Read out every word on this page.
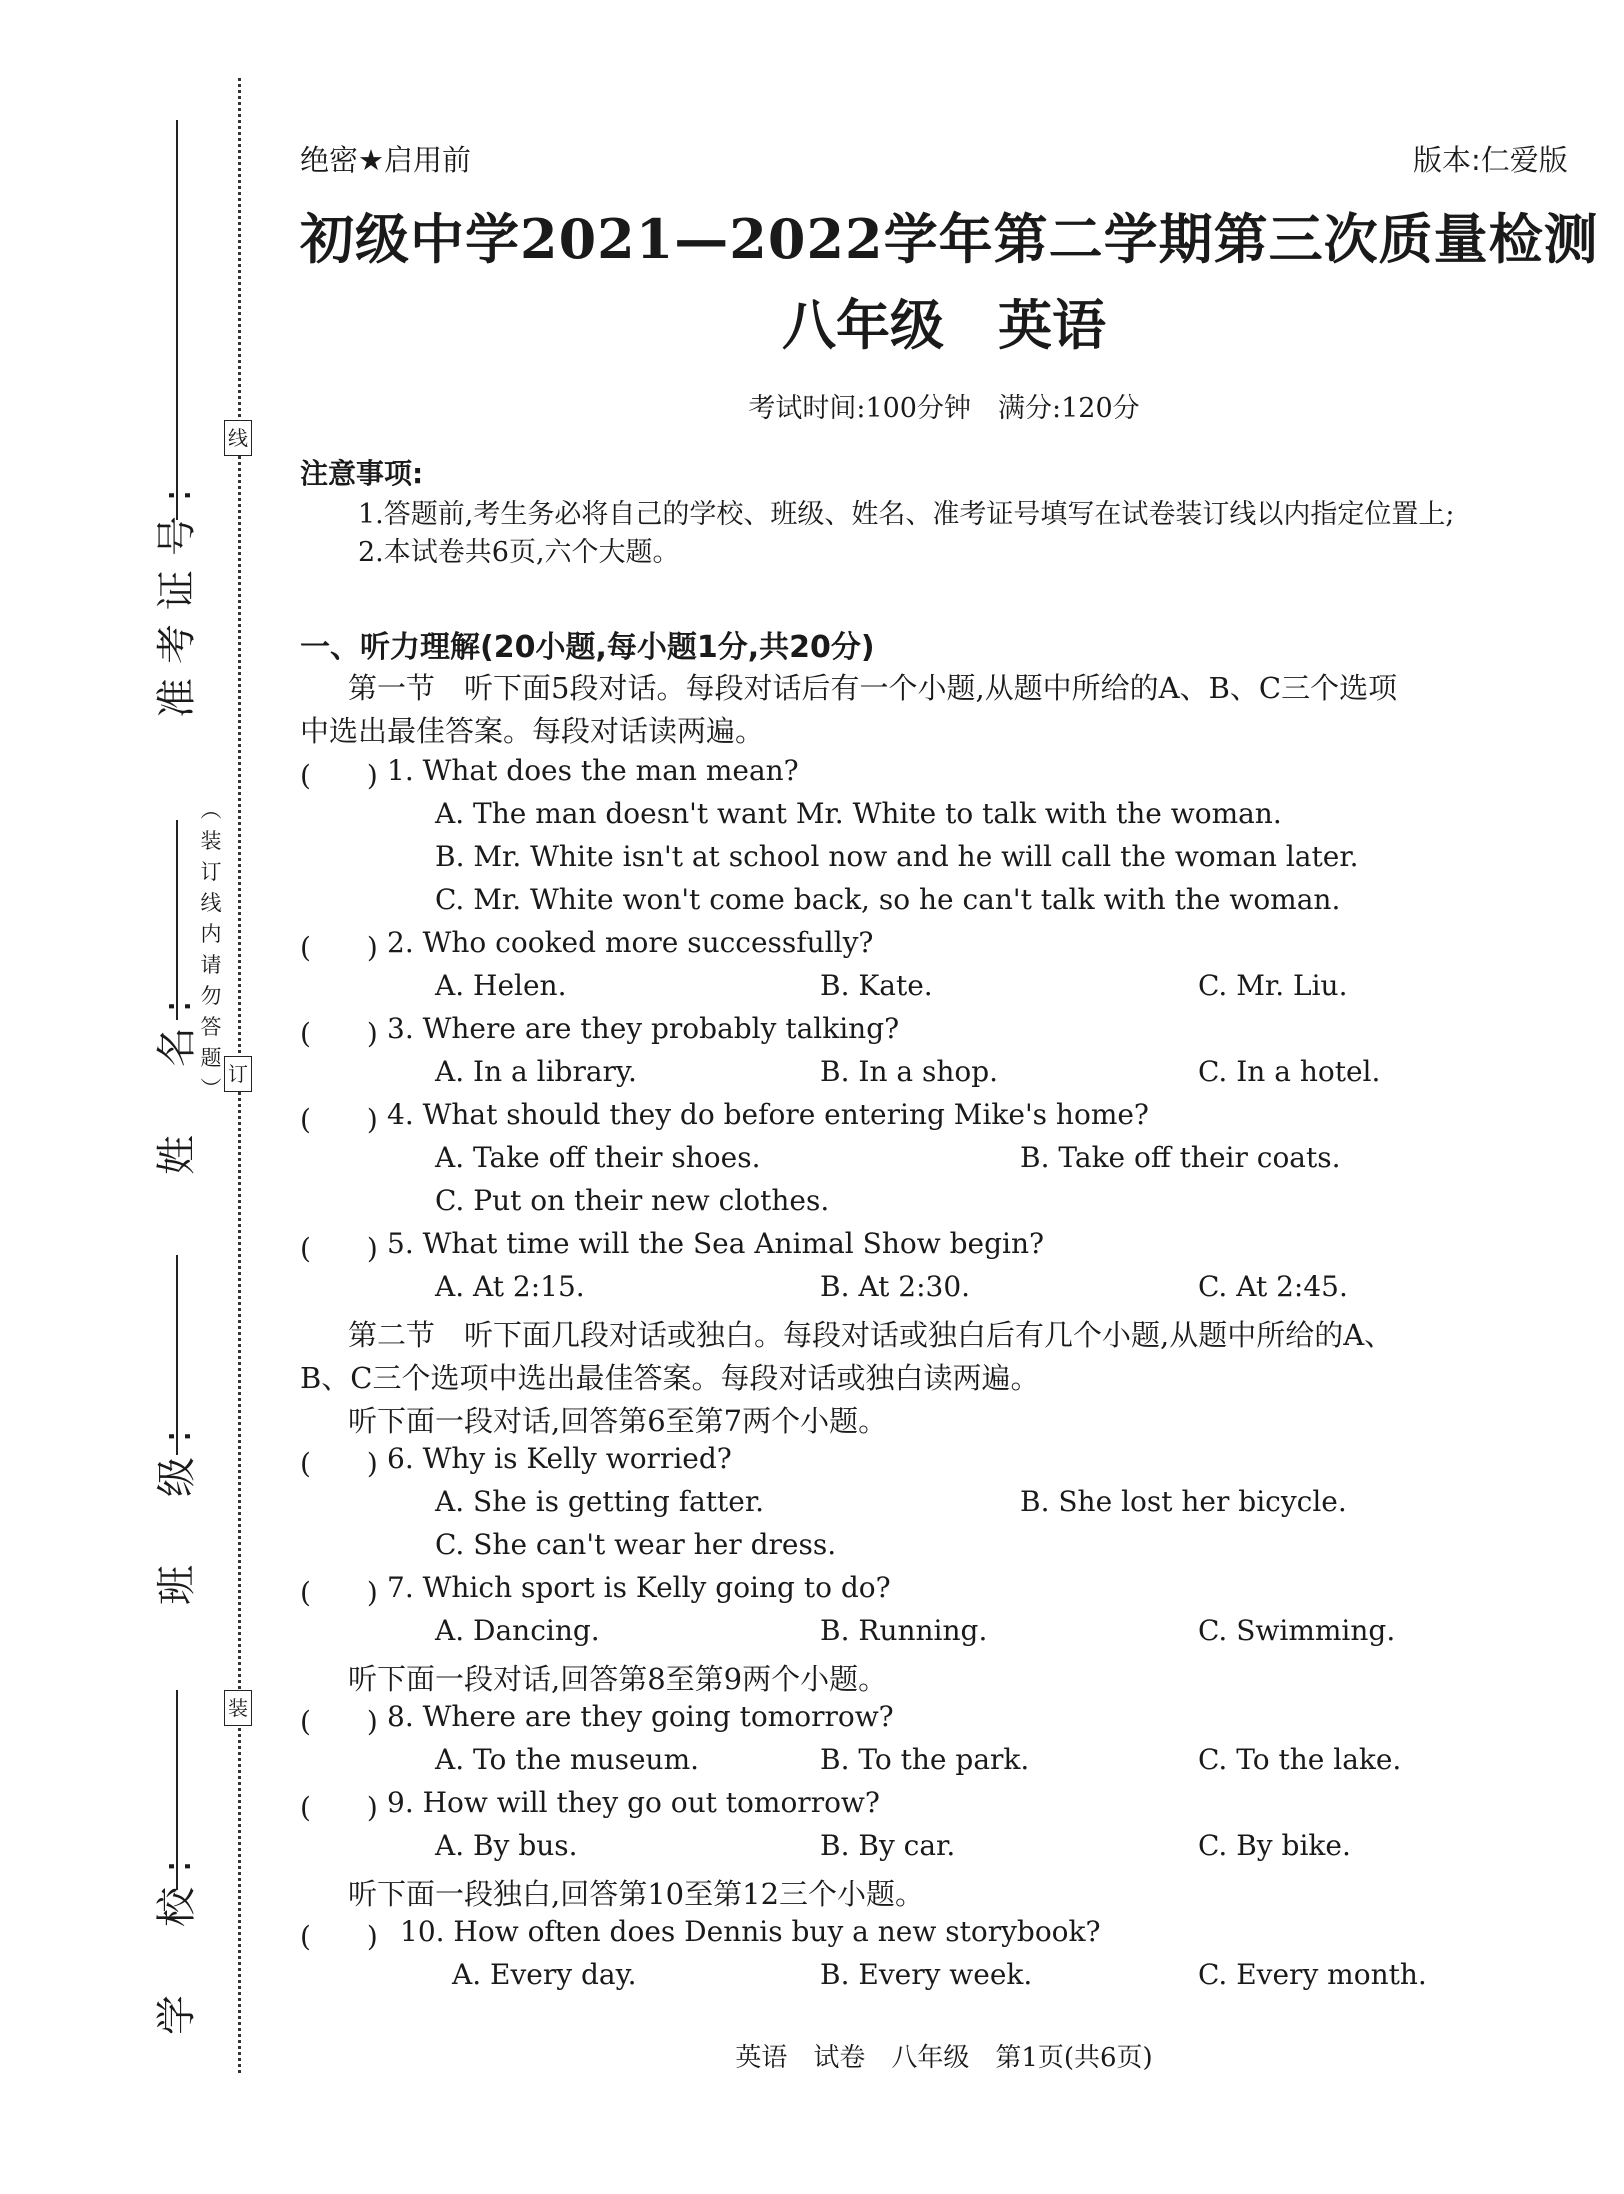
线
︵
装
订
线
内
请
勿
答
题
︶
订
装
准考证号:
姓　名:
班　级:
学　校:
绝密★启用前	版本:仁爱版
初级中学2021—2022学年第二学期第三次质量检测
八年级　英语
考试时间:100分钟　满分:120分
注意事项:
1.答题前,考生务必将自己的学校、班级、姓名、准考证号填写在试卷装订线以内指定位置上;
2.本试卷共6页,六个大题。
一、听力理解(20小题,每小题1分,共20分)
第一节　听下面5段对话。每段对话后有一个小题,从题中所给的A、B、C三个选项
中选出最佳答案。每段对话读两遍。
(　　) 1. What does the man mean?
A. The man doesn't want Mr. White to talk with the woman.
B. Mr. White isn't at school now and he will call the woman later.
C. Mr. White won't come back, so he can't talk with the woman.
(　　) 2. Who cooked more successfully?
A. Helen.	B. Kate.	C. Mr. Liu.
(　　) 3. Where are they probably talking?
A. In a library.	B. In a shop.	C. In a hotel.
(　　) 4. What should they do before entering Mike's home?
A. Take off their shoes.	B. Take off their coats.
C. Put on their new clothes.
(　　) 5. What time will the Sea Animal Show begin?
A. At 2:15.	B. At 2:30.	C. At 2:45.
第二节　听下面几段对话或独白。每段对话或独白后有几个小题,从题中所给的A、
B、C三个选项中选出最佳答案。每段对话或独白读两遍。
听下面一段对话,回答第6至第7两个小题。
(　　) 6. Why is Kelly worried?
A. She is getting fatter.	B. She lost her bicycle.
C. She can't wear her dress.
(　　) 7. Which sport is Kelly going to do?
A. Dancing.	B. Running.	C. Swimming.
听下面一段对话,回答第8至第9两个小题。
(　　) 8. Where are they going tomorrow?
A. To the museum.	B. To the park.	C. To the lake.
(　　) 9. How will they go out tomorrow?
A. By bus.	B. By car.	C. By bike.
听下面一段独白,回答第10至第12三个小题。
(　　) 10. How often does Dennis buy a new storybook?
A. Every day.	B. Every week.	C. Every month.
英语　试卷　八年级　第1页(共6页)
